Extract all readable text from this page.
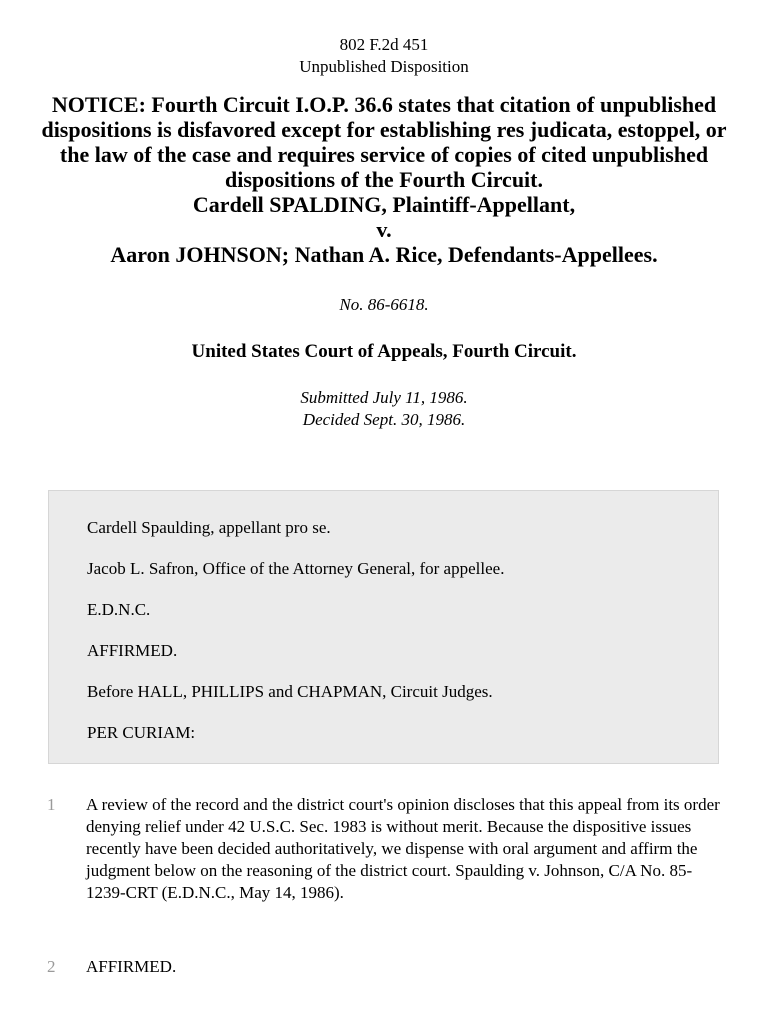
802 F.2d 451
Unpublished Disposition
NOTICE: Fourth Circuit I.O.P. 36.6 states that citation of unpublished dispositions is disfavored except for establishing res judicata, estoppel, or the law of the case and requires service of copies of cited unpublished dispositions of the Fourth Circuit.
Cardell SPALDING, Plaintiff-Appellant,
v.
Aaron JOHNSON; Nathan A. Rice, Defendants-Appellees.
No. 86-6618.
United States Court of Appeals, Fourth Circuit.
Submitted July 11, 1986.
Decided Sept. 30, 1986.

Cardell Spaulding, appellant pro se.

Jacob L. Safron, Office of the Attorney General, for appellee.

E.D.N.C.

AFFIRMED.

Before HALL, PHILLIPS and CHAPMAN, Circuit Judges.

PER CURIAM:

1 A review of the record and the district court's opinion discloses that this appeal from its order denying relief under 42 U.S.C. Sec. 1983 is without merit. Because the dispositive issues recently have been decided authoritatively, we dispense with oral argument and affirm the judgment below on the reasoning of the district court. Spaulding v. Johnson, C/A No. 85-1239-CRT (E.D.N.C., May 14, 1986).
2 AFFIRMED.
